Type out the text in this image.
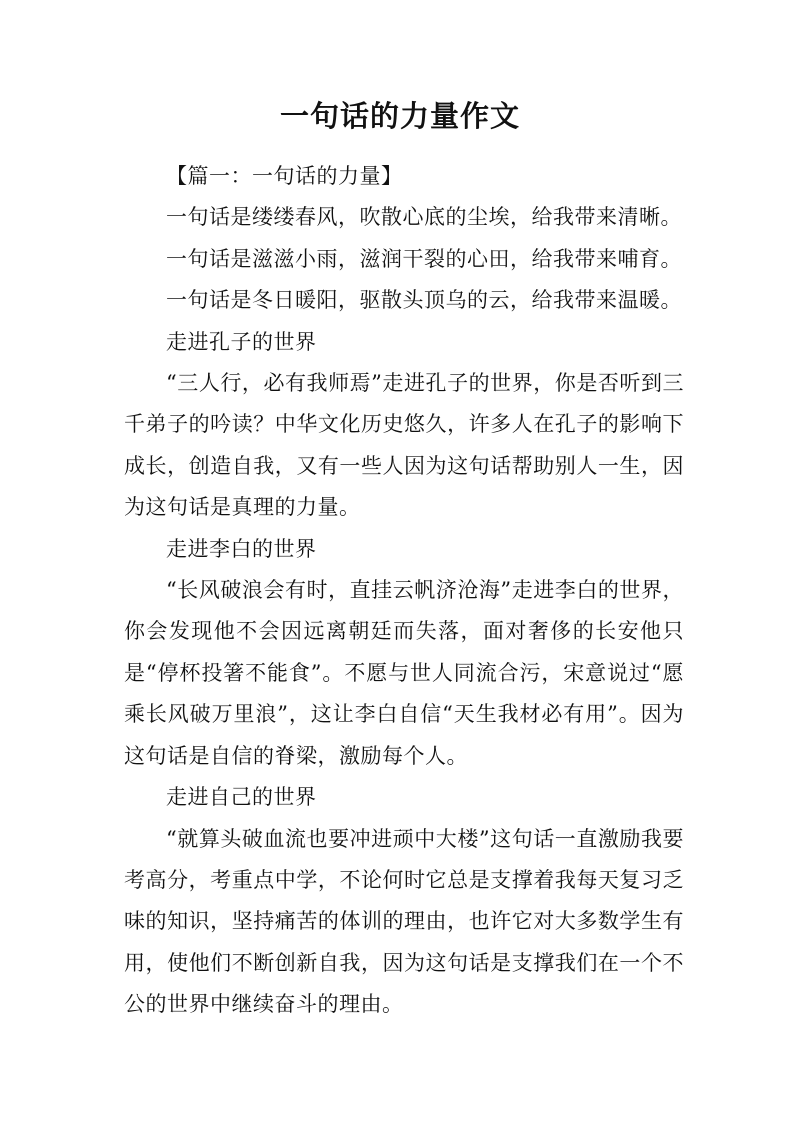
一句话的力量作文

【篇一：一句话的力量】

一句话是缕缕春风，吹散心底的尘埃，给我带来清晰。

一句话是滋滋小雨，滋润干裂的心田，给我带来哺育。

一句话是冬日暖阳，驱散头顶乌的云，给我带来温暖。

走进孔子的世界

“三人行，必有我师焉”走进孔子的世界，你是否听到三千弟子的吟读？中华文化历史悠久，许多人在孔子的影响下成长，创造自我，又有一些人因为这句话帮助别人一生，因为这句话是真理的力量。

走进李白的世界

“长风破浪会有时，直挂云帆济沧海”走进李白的世界，你会发现他不会因远离朝廷而失落，面对奢侈的长安他只是“停杯投箸不能食”。不愿与世人同流合污，宋意说过“愿乘长风破万里浪”，这让李白自信“天生我材必有用”。因为这句话是自信的脊梁，激励每个人。

走进自己的世界

“就算头破血流也要冲进顽中大楼”这句话一直激励我要考高分，考重点中学，不论何时它总是支撑着我每天复习乏味的知识，坚持痛苦的体训的理由，也许它对大多数学生有用，使他们不断创新自我，因为这句话是支撑我们在一个不公的世界中继续奋斗的理由。
